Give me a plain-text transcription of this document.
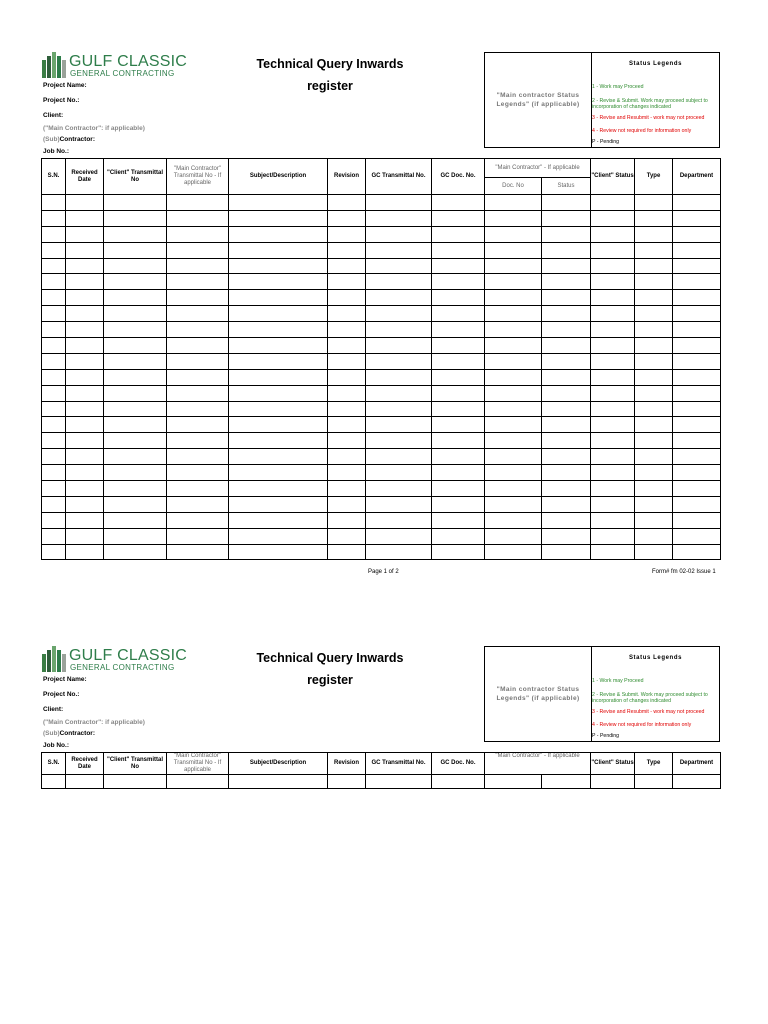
GULF CLASSIC
GENERAL CONTRACTING
Technical Query Inwards
register
Project Name:
Project No.:
Client:
("Main Contractor": if applicable)
(Sub)Contractor:
Job No.:
"Main contractor Status Legends" (if applicable)
Status Legends
1 - Work may Proceed
2 - Revise & Submit. Work may proceed subject to
incorporation of changes indicated
3 - Revise and Resubmit - work may not proceed
4 - Review not required for information only
P - Pending
S.N.	Received Date	"Client" Transmittal No	"Main Contractor" Transmittal No - If applicable	Subject/Description	Revision	GC Transmittal No.	GC Doc. No.	"Main Contractor" - If applicable		"Client" Status	Type	Department
								Doc. No	Status			

Page 1 of 2	Form# fm 02-02 Issue 1
GULF CLASSIC
GENERAL CONTRACTING
Technical Query Inwards
register
Project Name:
Project No.:
Client:
("Main Contractor": if applicable)
(Sub)Contractor:
Job No.:
"Main contractor Status Legends" (if applicable)
Status Legends
1 - Work may Proceed
2 - Revise & Submit. Work may proceed subject to
incorporation of changes indicated
3 - Revise and Resubmit - work may not proceed
4 - Review not required for information only
P - Pending
S.N.	Received Date	"Client" Transmittal No	"Main Contractor" Transmittal No - If applicable	Subject/Description	Revision	GC Transmittal No.	GC Doc. No.	"Main Contractor" - If applicable		"Client" Status	Type	Department
